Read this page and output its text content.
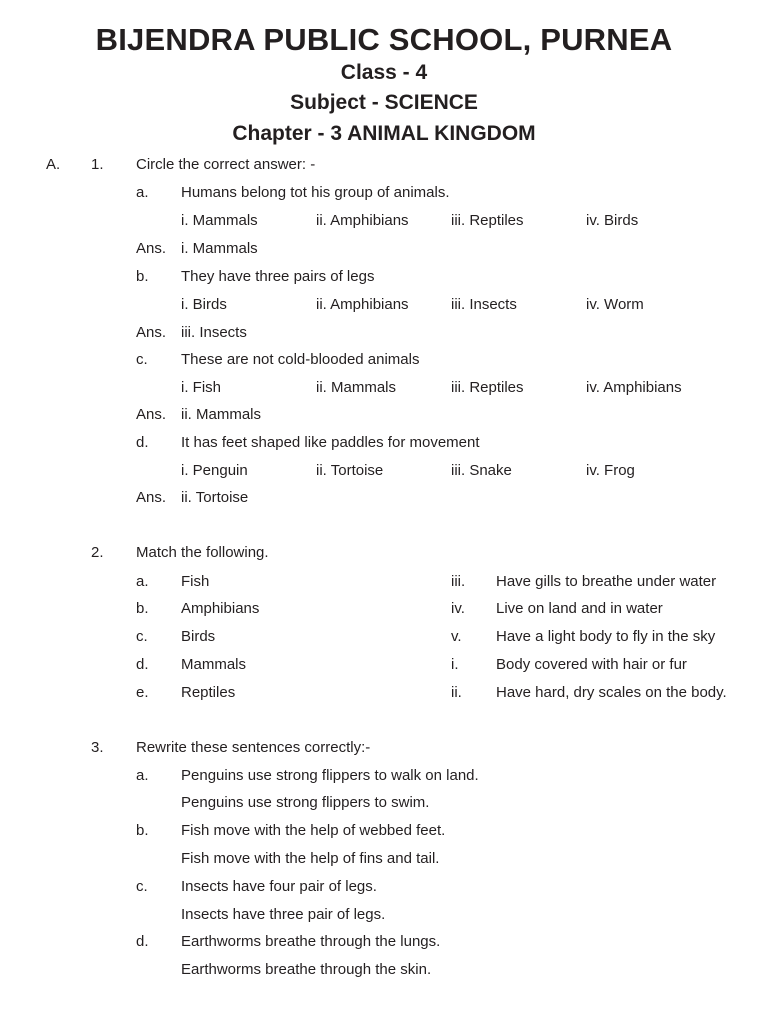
BIJENDRA PUBLIC SCHOOL, PURNEA
Class - 4
Subject - SCIENCE
Chapter - 3 ANIMAL KINGDOM
A. 1. Circle the correct answer: -
a. Humans belong tot his group of animals.
i. Mammals	ii. Amphibians	iii. Reptiles	iv. Birds
Ans. i. Mammals
b. They have three pairs of legs
i. Birds	ii. Amphibians	iii. Insects	iv. Worm
Ans. iii. Insects
c. These are not cold-blooded animals
i. Fish	ii. Mammals	iii. Reptiles	iv. Amphibians
Ans. ii. Mammals
d. It has feet shaped like paddles for movement
i. Penguin	ii. Tortoise	iii. Snake	iv. Frog
Ans. ii. Tortoise
2. Match the following.
a. Fish	iii. Have gills to breathe under water
b. Amphibians	iv. Live on land and in water
c. Birds	v. Have a light body to fly in the sky
d. Mammals	i.	Body covered with hair or fur
e. Reptiles	ii. Have hard, dry scales on the body.
3. Rewrite these sentences correctly:-
a. Penguins use strong flippers to walk on land.
Penguins use strong flippers to swim.
b. Fish move with the help of webbed feet.
Fish move with the help of fins and tail.
c. Insects have four pair of legs.
Insects have three pair of legs.
d. Earthworms breathe through the lungs.
Earthworms breathe through the skin.
